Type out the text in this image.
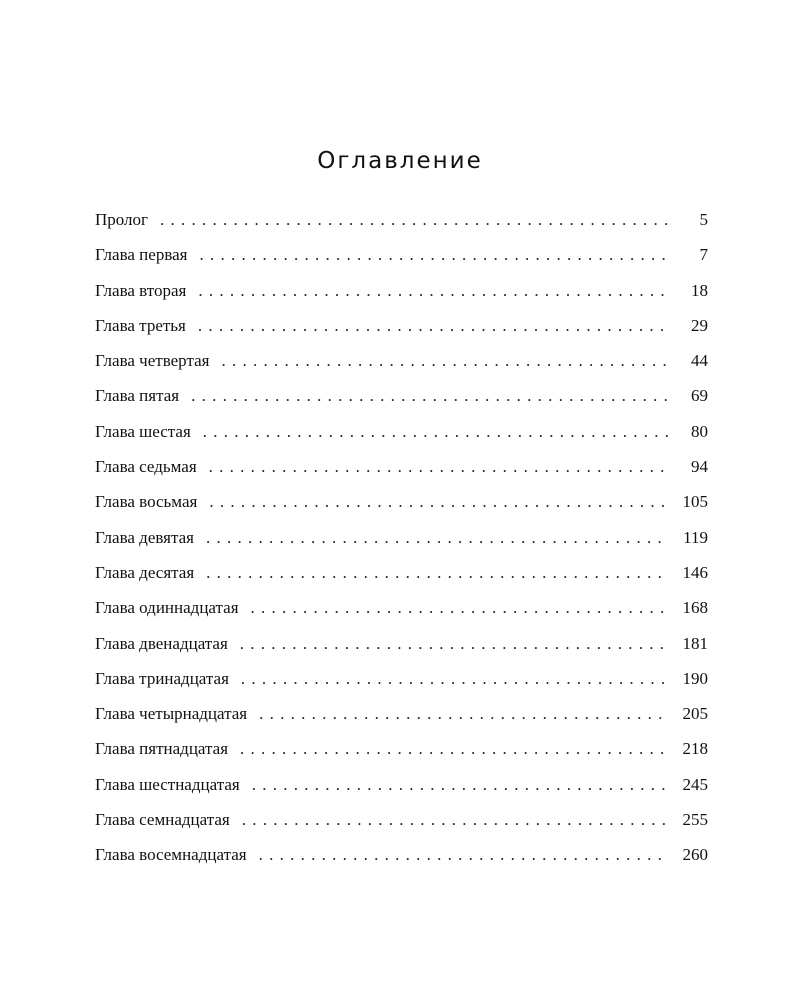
Оглавление
Пролог . . .	5
Глава первая . . .	7
Глава вторая . . .	18
Глава третья . . .	29
Глава четвертая . . .	44
Глава пятая . . .	69
Глава шестая . . .	80
Глава седьмая . . .	94
Глава восьмая . . .	105
Глава девятая . . .	119
Глава десятая . . .	146
Глава одиннадцатая . . .	168
Глава двенадцатая . . .	181
Глава тринадцатая . . .	190
Глава четырнадцатая . . .	205
Глава пятнадцатая . . .	218
Глава шестнадцатая . . .	245
Глава семнадцатая . . .	255
Глава восемнадцатая . . .	260
